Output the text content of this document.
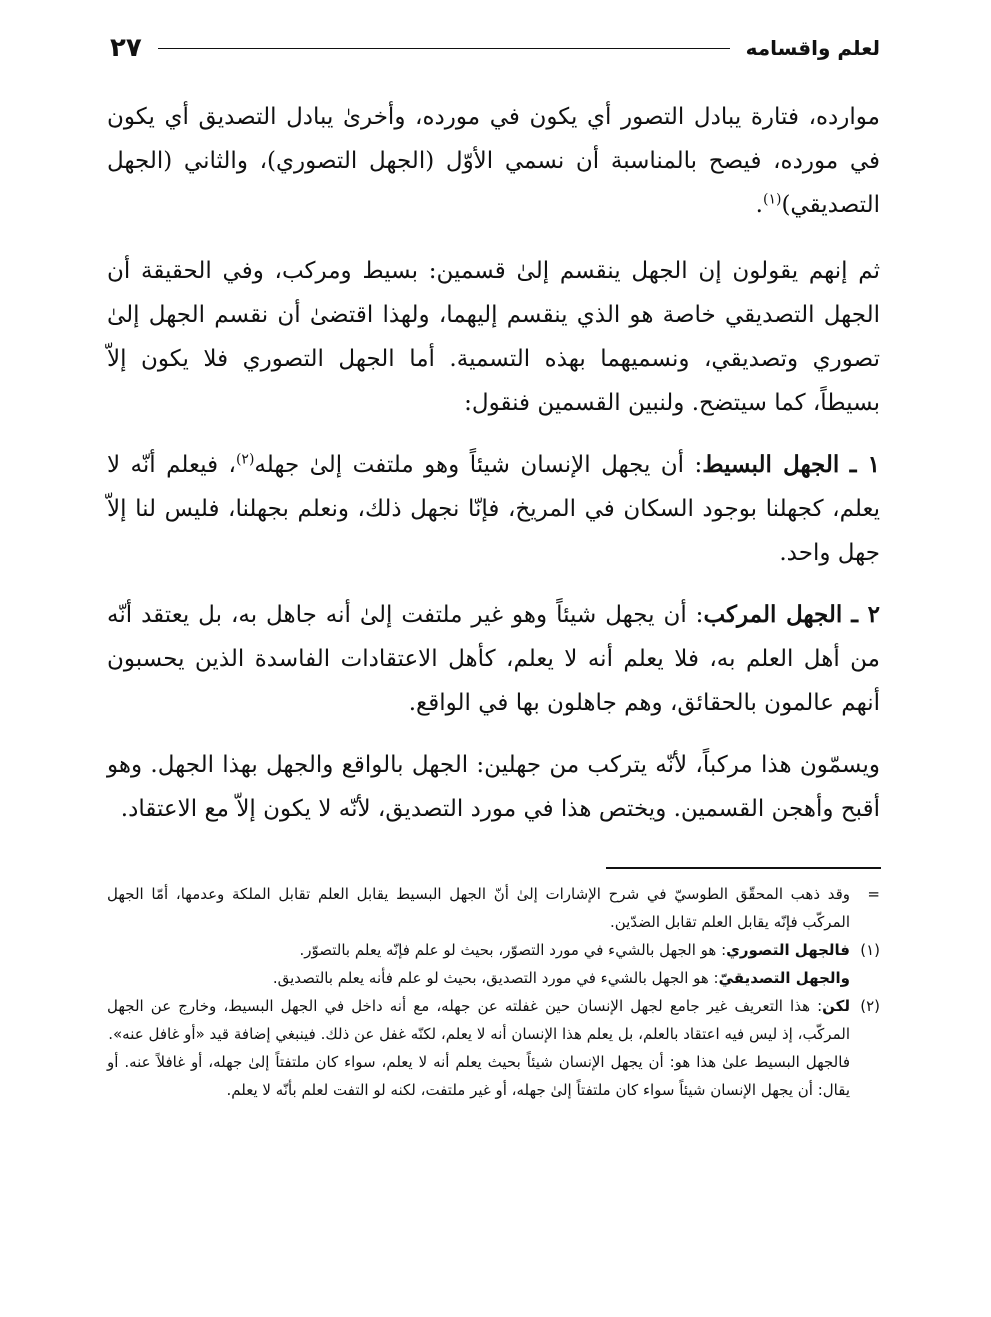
لعلم واقسامه
٢٧

موارده، فتارة يبادل التصور أي يكون في مورده، وأخرىٰ يبادل التصديق أي يكون في مورده، فيصح بالمناسبة أن نسمي الأوّل (الجهل التصوري)، والثاني (الجهل التصديقي)$^{(١)}$.

ثم إنهم يقولون إن الجهل ينقسم إلىٰ قسمين: بسيط ومركب، وفي الحقيقة أن الجهل التصديقي خاصة هو الذي ينقسم إليهما، ولهذا اقتضىٰ أن نقسم الجهل إلىٰ تصوري وتصديقي، ونسميهما بهذه التسمية. أما الجهل التصوري فلا يكون إلاّ بسيطاً، كما سيتضح. ولنبين القسمين فنقول:

١ ـ الجهل البسيط: أن يجهل الإنسان شيئاً وهو ملتفت إلىٰ جهله$^{(٢)}$، فيعلم أنّه لا يعلم، كجهلنا بوجود السكان في المريخ، فإنّا نجهل ذلك، ونعلم بجهلنا، فليس لنا إلاّ جهل واحد.

٢ ـ الجهل المركب: أن يجهل شيئاً وهو غير ملتفت إلىٰ أنه جاهل به، بل يعتقد أنّه من أهل العلم به، فلا يعلم أنه لا يعلم، كأهل الاعتقادات الفاسدة الذين يحسبون أنهم عالمون بالحقائق، وهم جاهلون بها في الواقع.

ويسمّون هذا مركباً، لأنّه يتركب من جهلين: الجهل بالواقع والجهل بهذا الجهل. وهو أقبح وأهجن القسمين. ويختص هذا في مورد التصديق، لأنّه لا يكون إلاّ مع الاعتقاد.

=
وقد ذهب المحقّق الطوسيّ في شرح الإشارات إلىٰ أنّ الجهل البسيط يقابل العلم تقابل الملكة وعدمها، أمّا الجهل المركّب فإنّه يقابل العلم تقابل الضدّين.
(١)
فالجهل التصوري: هو الجهل بالشيء في مورد التصوّر، بحيث لو علم فإنّه يعلم بالتصوّر.
والجهل التصديقيّ: هو الجهل بالشيء في مورد التصديق، بحيث لو علم فأنه يعلم بالتصديق.
(٢)
لكن: هذا التعريف غير جامع لجهل الإنسان حين غفلته عن جهله، مع أنه داخل في الجهل البسيط، وخارج عن الجهل المركّب، إذ ليس فيه اعتقاد بالعلم، بل يعلم هذا الإنسان أنه لا يعلم، لكنّه غفل عن ذلك. فينبغي إضافة قيد «أو غافل عنه».
فالجهل البسيط علىٰ هذا هو: أن يجهل الإنسان شيئاً بحيث يعلم أنه لا يعلم، سواء كان ملتفتاً إلىٰ جهله، أو غافلاً عنه. أو يقال: أن يجهل الإنسان شيئاً سواء كان ملتفتاً إلىٰ جهله، أو غير ملتفت، لكنه لو التفت لعلم بأنّه لا يعلم.
